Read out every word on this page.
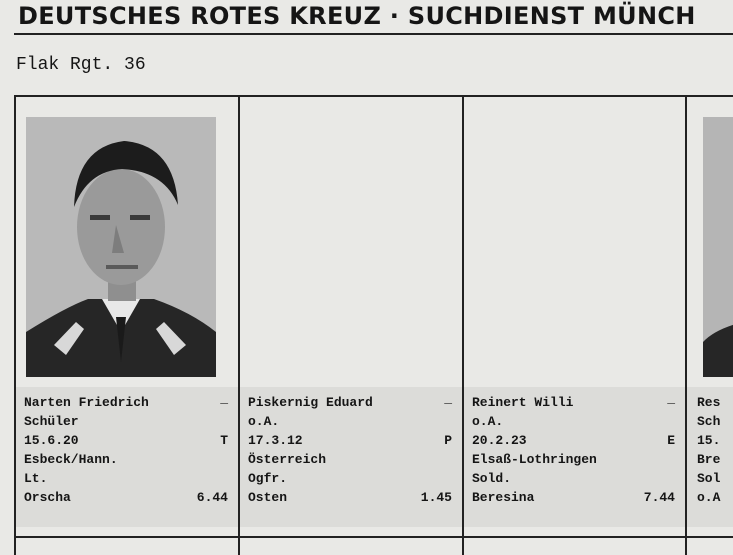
DEUTSCHES ROTES KREUZ · SUCHDIENST MÜNCH
Flak Rgt. 36
Narten Friedrich	_
Schüler
15.6.20	T
Esbeck/Hann.
Lt.
Orscha	6.44
Piskernig Eduard	_
o.A.
17.3.12	P
Österreich
Ogfr.
Osten	1.45
Reinert Willi	_
o.A.
20.2.23	E
Elsaß-Lothringen
Sold.
Beresina	7.44
Res
Sch
15.
Bre
Sol
o.A
